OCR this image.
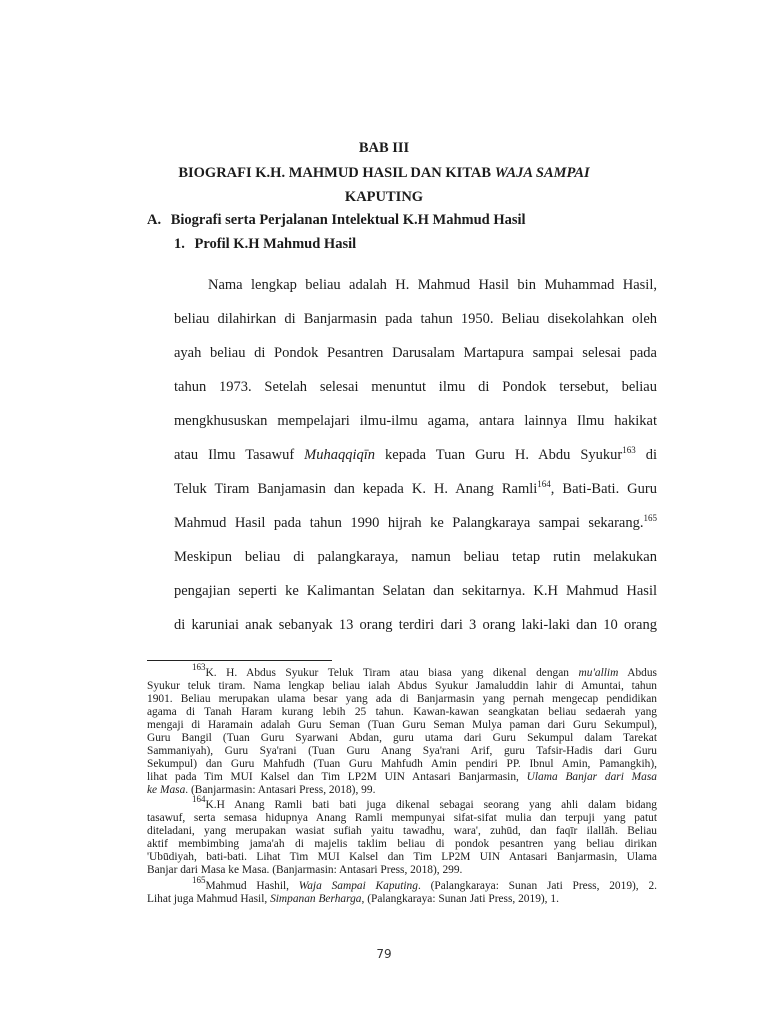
BAB III
BIOGRAFI K.H. MAHMUD HASIL DAN KITAB WAJA SAMPAI
KAPUTING
A. Biografi serta Perjalanan Intelektual K.H Mahmud Hasil
1. Profil K.H Mahmud Hasil
Nama lengkap beliau adalah H. Mahmud Hasil bin Muhammad Hasil,
beliau dilahirkan di Banjarmasin pada tahun 1950. Beliau disekolahkan oleh
ayah beliau di Pondok Pesantren Darusalam Martapura sampai selesai pada
tahun 1973. Setelah selesai menuntut ilmu di Pondok tersebut, beliau
mengkhususkan mempelajari ilmu-ilmu agama, antara lainnya Ilmu hakikat
atau Ilmu Tasawuf Muhaqqiqīn kepada Tuan Guru H. Abdu Syukur$^{163}$ di
Teluk Tiram Banjamasin dan kepada K. H. Anang Ramli$^{164}$, Bati-Bati. Guru
Mahmud Hasil pada tahun 1990 hijrah ke Palangkaraya sampai sekarang.$^{165}$
Meskipun beliau di palangkaraya, namun beliau tetap rutin melakukan
pengajian seperti ke Kalimantan Selatan dan sekitarnya. K.H Mahmud Hasil
di karuniai anak sebanyak 13 orang terdiri dari 3 orang laki-laki dan 10 orang
$^{163}$K. H. Abdus Syukur Teluk Tiram atau biasa yang dikenal dengan mu'allim Abdus
Syukur teluk tiram. Nama lengkap beliau ialah Abdus Syukur Jamaluddin lahir di Amuntai, tahun
1901. Beliau merupakan ulama besar yang ada di Banjarmasin yang pernah mengecap pendidikan
agama di Tanah Haram kurang lebih 25 tahun. Kawan-kawan seangkatan beliau sedaerah yang
mengaji di Haramain adalah Guru Seman (Tuan Guru Seman Mulya paman dari Guru Sekumpul),
Guru Bangil (Tuan Guru Syarwani Abdan, guru utama dari Guru Sekumpul dalam Tarekat
Sammaniyah), Guru Sya'rani (Tuan Guru Anang Sya'rani Arif, guru Tafsir-Hadis dari Guru
Sekumpul) dan Guru Mahfudh (Tuan Guru Mahfudh Amin pendiri PP. Ibnul Amin, Pamangkih),
lihat pada Tim MUI Kalsel dan Tim LP2M UIN Antasari Banjarmasin, Ulama Banjar dari Masa
ke Masa. (Banjarmasin: Antasari Press, 2018), 99.
$^{164}$K.H Anang Ramli bati bati juga dikenal sebagai seorang yang ahli dalam bidang
tasawuf, serta semasa hidupnya Anang Ramli mempunyai sifat-sifat mulia dan terpuji yang patut
diteladani, yang merupakan wasiat sufiah yaitu tawadhu, wara', zuhūd, dan faqīr ilallāh. Beliau
aktif membimbing jama'ah di majelis taklim beliau di pondok pesantren yang beliau dirikan
'Ubūdiyah, bati-bati. Lihat Tim MUI Kalsel dan Tim LP2M UIN Antasari Banjarmasin, Ulama
Banjar dari Masa ke Masa. (Banjarmasin: Antasari Press, 2018), 299.
$^{165}$Mahmud Hashil, Waja Sampai Kaputing. (Palangkaraya: Sunan Jati Press, 2019), 2.
Lihat juga Mahmud Hasil, Simpanan Berharga, (Palangkaraya: Sunan Jati Press, 2019), 1.
79
